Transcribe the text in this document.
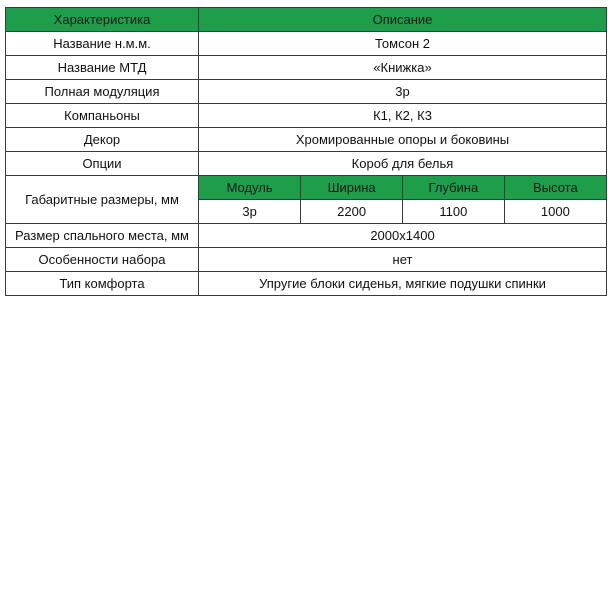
Характеристика	Описание
Название н.м.м.	Томсон 2
Название МТД	«Книжка»
Полная модуляция	3р
Компаньоны	К1, К2, К3
Декор	Хромированные опоры и боковины
Опции	Короб для белья
Габаритные размеры, мм	
Модуль	Ширина	Глубина	Высота
3р	2200	1100	1000

Размер спального места, мм	2000x1400
Особенности набора	нет
Тип комфорта	Упругие блоки сиденья, мягкие подушки спинки
